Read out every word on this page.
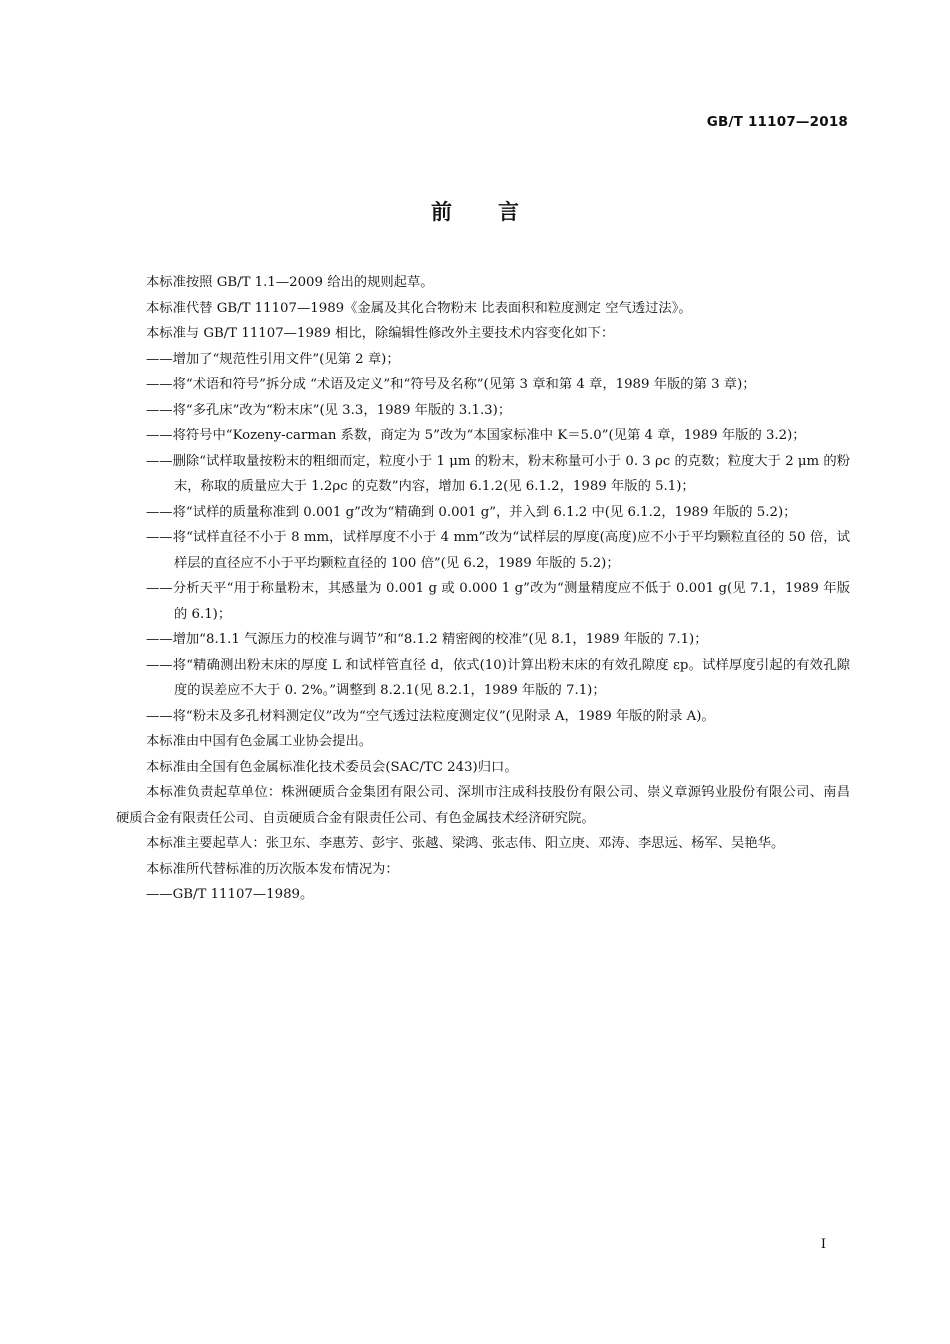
GB/T 11107—2018
前言

本标准按照 GB/T 1.1—2009 给出的规则起草。

本标准代替 GB/T 11107—1989《金属及其化合物粉末 比表面积和粒度测定 空气透过法》。

本标准与 GB/T 11107—1989 相比，除编辑性修改外主要技术内容变化如下：

——增加了“规范性引用文件”(见第 2 章)；

——将“术语和符号”拆分成 “术语及定义”和“符号及名称”(见第 3 章和第 4 章，1989 年版的第 3 章)；

——将“多孔床”改为“粉末床”(见 3.3，1989 年版的 3.1.3)；

——将符号中“Kozeny-carman 系数，商定为 5”改为“本国家标准中 K＝5.0”(见第 4 章，1989 年版的 3.2)；

——删除“试样取量按粉末的粗细而定，粒度小于 1 μm 的粉末，粉末称量可小于 0. 3 ρc 的克数；粒度大于 2 μm 的粉末，称取的质量应大于 1.2ρc 的克数”内容，增加 6.1.2(见 6.1.2，1989 年版的 5.1)；

——将“试样的质量称准到 0.001 g”改为“精确到 0.001 g”，并入到 6.1.2 中(见 6.1.2，1989 年版的 5.2)；

——将“试样直径不小于 8 mm，试样厚度不小于 4 mm”改为“试样层的厚度(高度)应不小于平均颗粒直径的 50 倍，试样层的直径应不小于平均颗粒直径的 100 倍”(见 6.2，1989 年版的 5.2)；

——分析天平“用于称量粉末，其感量为 0.001 g 或 0.000 1 g”改为“测量精度应不低于 0.001 g(见 7.1，1989 年版的 6.1)；

——增加“8.1.1 气源压力的校准与调节”和“8.1.2 精密阀的校准”(见 8.1，1989 年版的 7.1)；

——将“精确测出粉末床的厚度 L 和试样管直径 d，依式(10)计算出粉末床的有效孔隙度 εp。试样厚度引起的有效孔隙度的误差应不大于 0. 2%。”调整到 8.2.1(见 8.2.1，1989 年版的 7.1)；

——将“粉末及多孔材料测定仪”改为“空气透过法粒度测定仪”(见附录 A，1989 年版的附录 A)。

本标准由中国有色金属工业协会提出。

本标准由全国有色金属标准化技术委员会(SAC/TC 243)归口。

本标准负责起草单位：株洲硬质合金集团有限公司、深圳市注成科技股份有限公司、崇义章源钨业股份有限公司、南昌硬质合金有限责任公司、自贡硬质合金有限责任公司、有色金属技术经济研究院。

本标准主要起草人：张卫东、李惠芳、彭宇、张越、梁鸿、张志伟、阳立庚、邓涛、李思远、杨军、吴艳华。

本标准所代替标准的历次版本发布情况为：

——GB/T 11107—1989。

I
